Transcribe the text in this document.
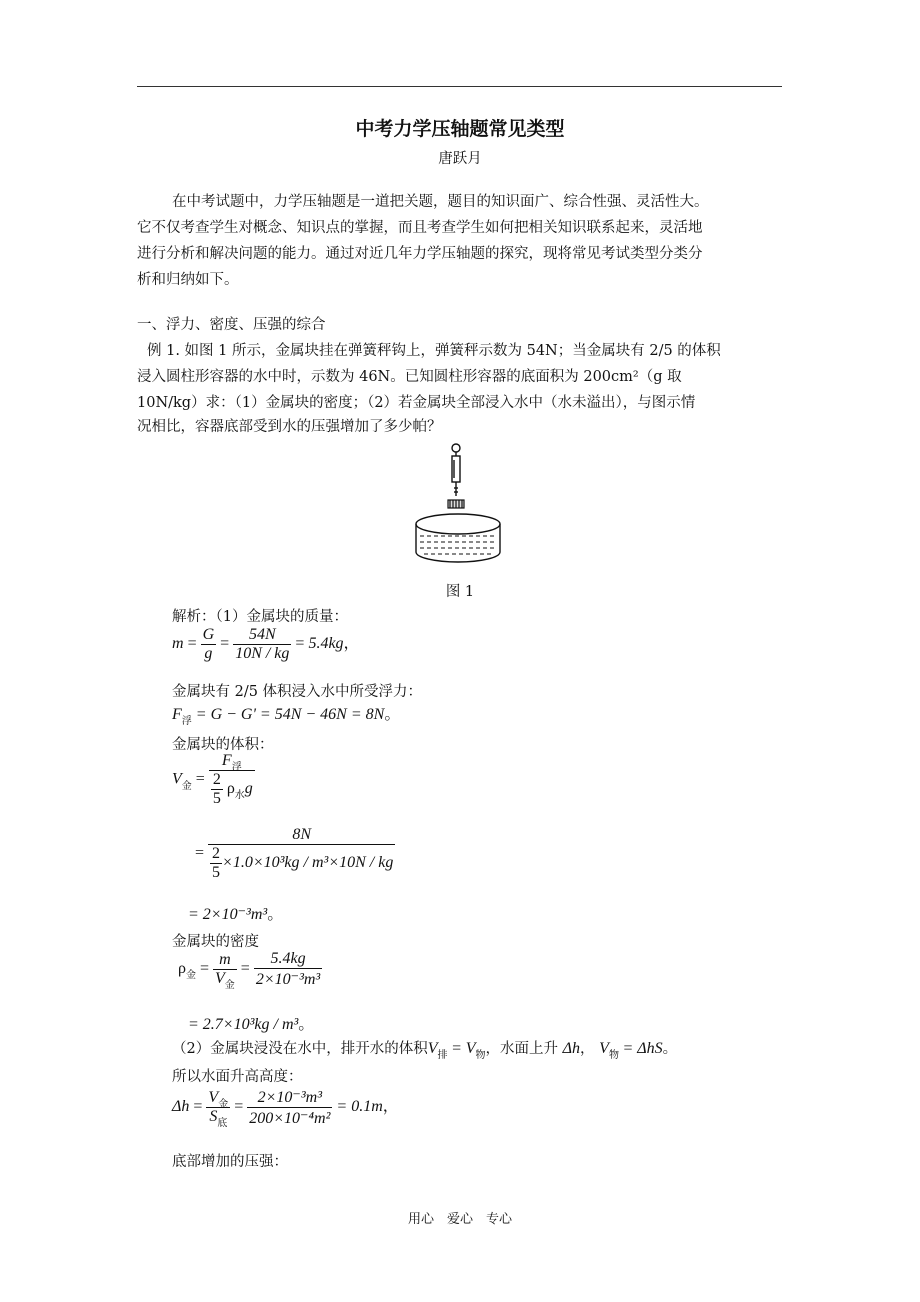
中考力学压轴题常见类型
唐跃月
在中考试题中，力学压轴题是一道把关题，题目的知识面广、综合性强、灵活性大。
它不仅考查学生对概念、知识点的掌握，而且考查学生如何把相关知识联系起来，灵活地
进行分析和解决问题的能力。通过对近几年力学压轴题的探究，现将常见考试类型分类分
析和归纳如下。
一、浮力、密度、压强的综合
例 1. 如图 1 所示，金属块挂在弹簧秤钩上，弹簧秤示数为 54N；当金属块有 2/5 的体积
浸入圆柱形容器的水中时，示数为 46N。已知圆柱形容器的底面积为 200cm²（g 取
10N/kg）求：（1）金属块的密度；（2）若金属块全部浸入水中（水未溢出），与图示情
况相比，容器底部受到水的压强增加了多少帕？
图 1
解析：（1）金属块的质量：
$m = \frac{G}{g} = \frac{54N}{10N / kg} = 5.4kg$，
金属块有 2/5 体积浸入水中所受浮力：
$F_浮 = G - G' = 54N - 46N = 8N$。
金属块的体积：
$V_金 = \frac{F_浮}{\frac{2}{5} \rho_水g}$
= $\frac{8N}{\frac{2}{5} \times 1.0\times 10^3kg / m^3\times 10N / kg}$
= 2×10⁻³m³。
金属块的密度
$\rho_金 = \frac{m}{V_金} = \frac{5.4kg}{\text{2×10⁻³m³}}$
= 2.7×10³kg / m³。
（2）金属块浸没在水中，排开水的体积$V_排 = V_物$，水面上升 Δh， $V_物 = \Delta hS$。
所以水面升高高度：
$\Delta h = \frac{V_金}{S_底} = \frac{\text{2×10⁻³m³}}{\text{200×10⁻⁴m²}} = 0.1m$，
底部增加的压强：
用心　爱心　专心
